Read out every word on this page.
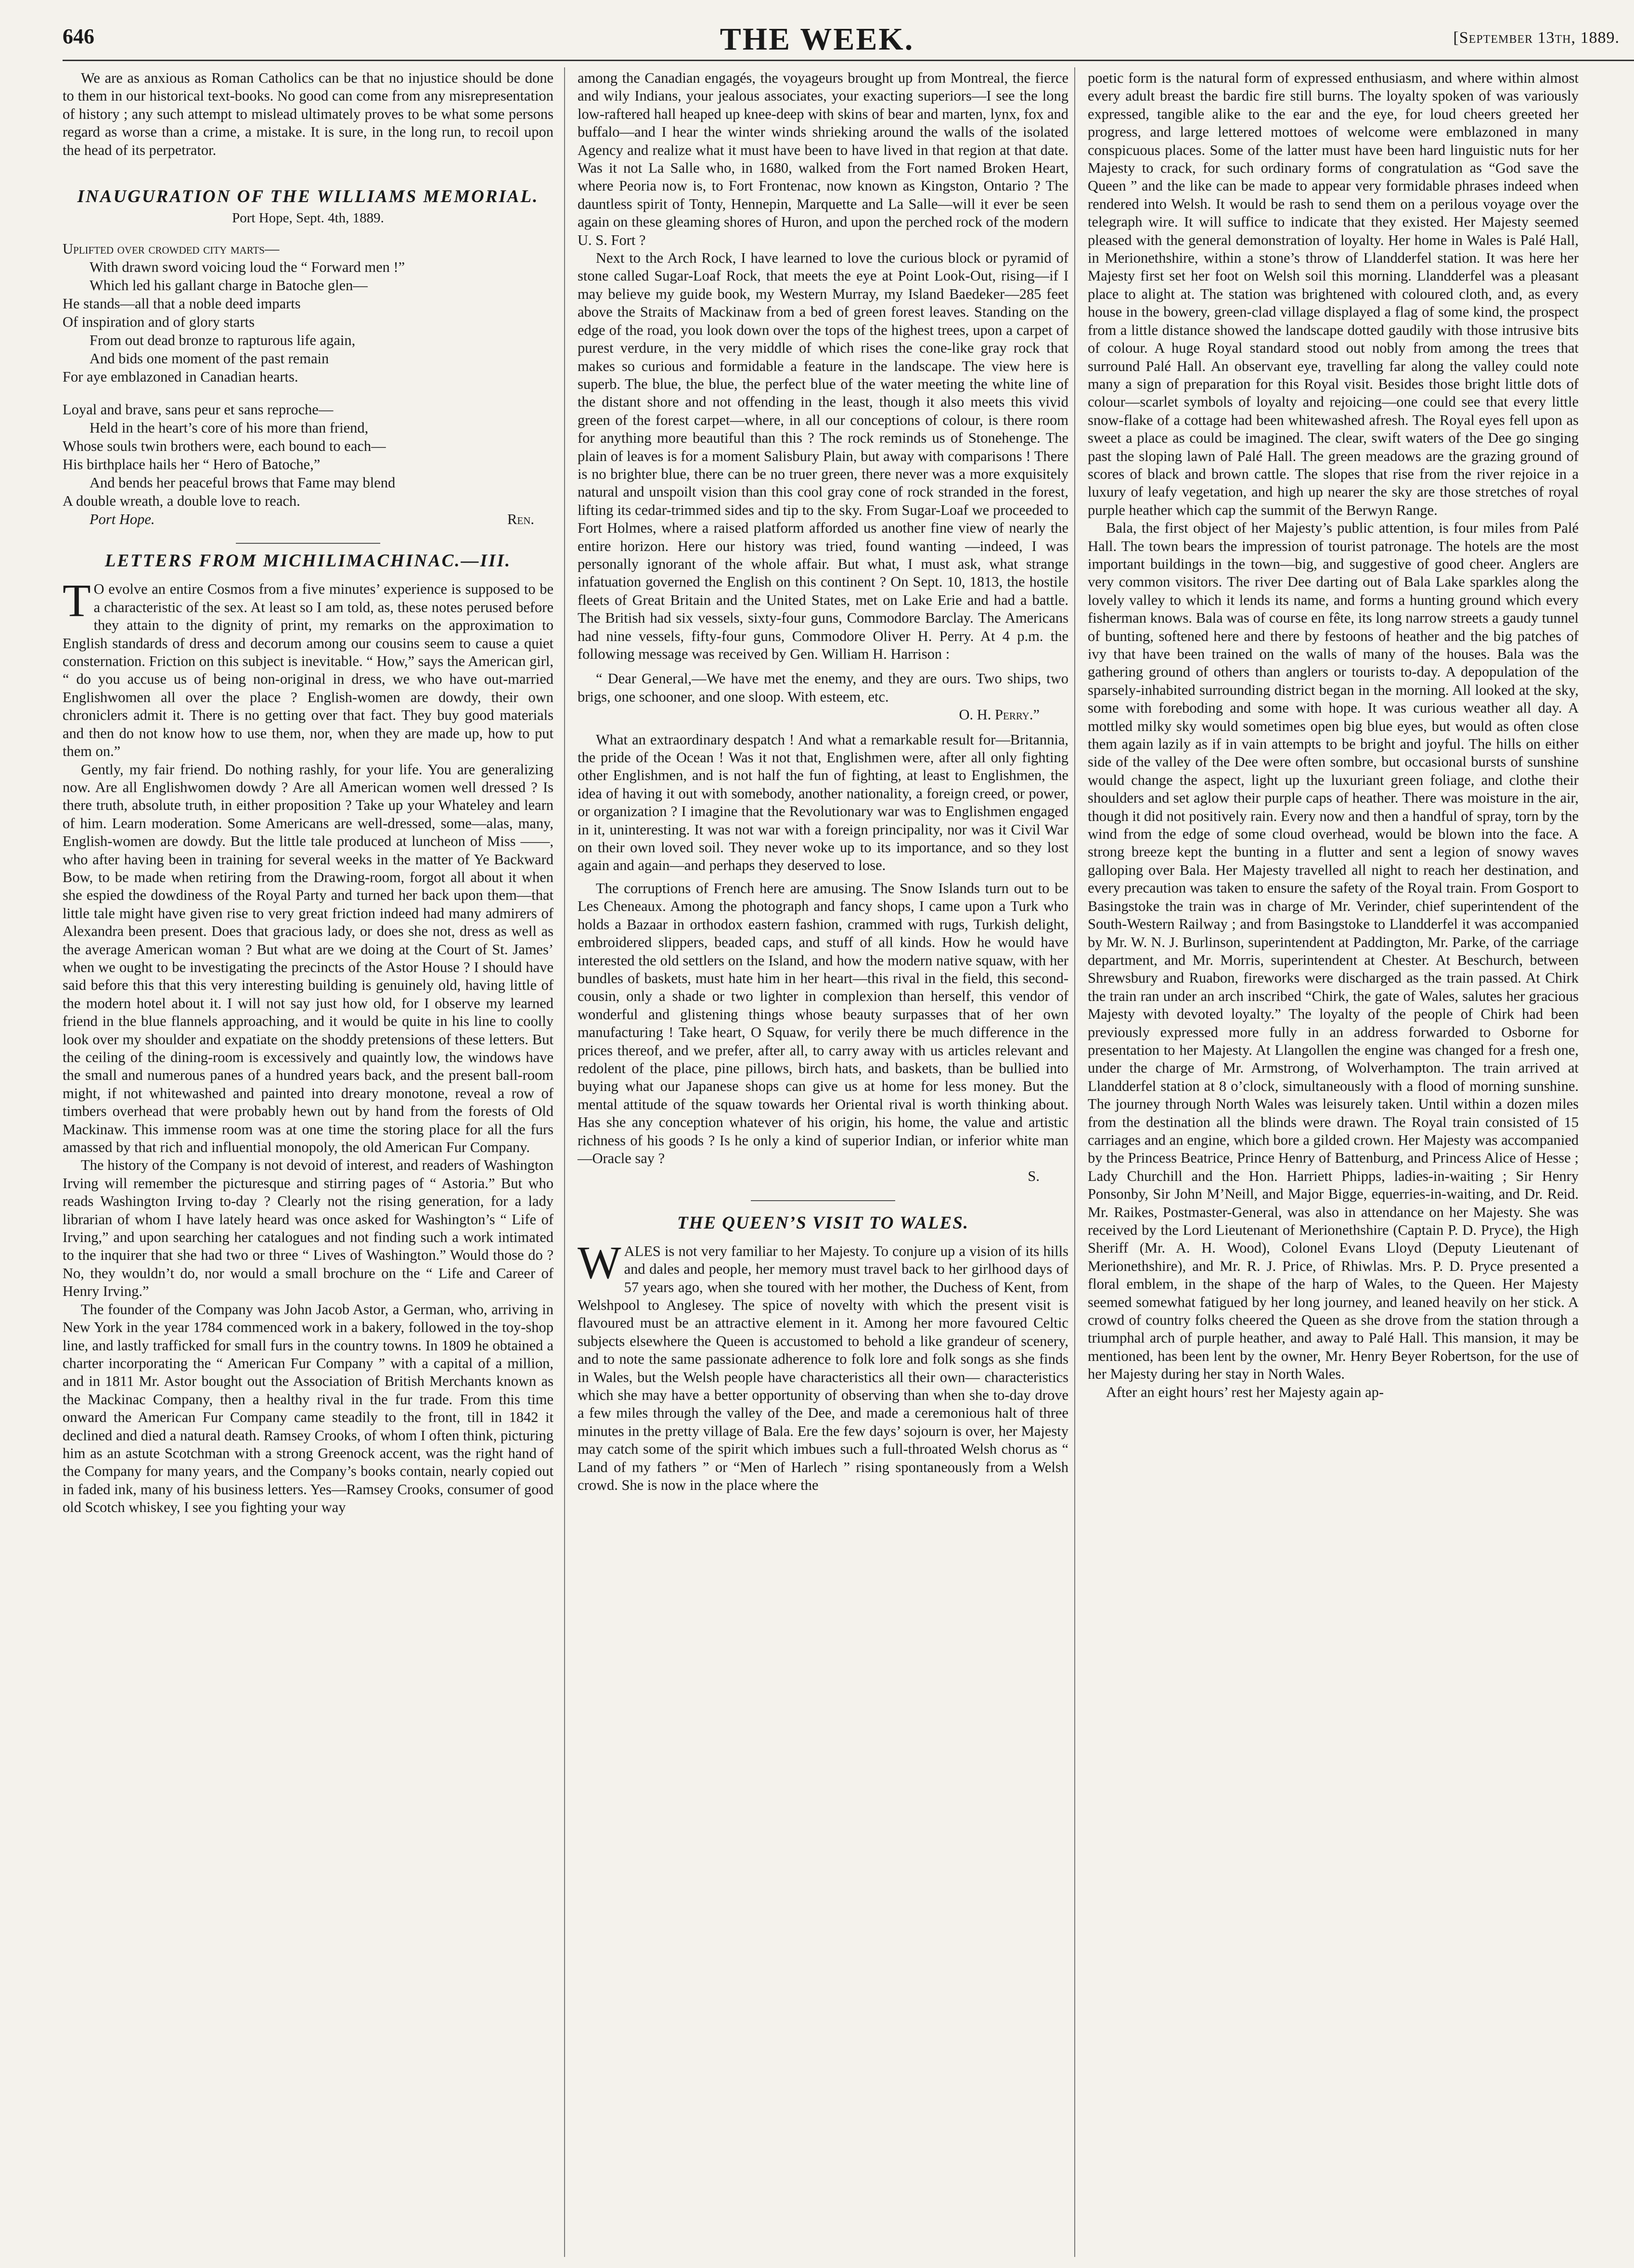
646	THE WEEK.	[September 13th, 1889.

We are as anxious as Roman Catholics can be that no injustice should be done to them in our historical text-books. No good can come from any misrepresentation of history ; any such attempt to mislead ultimately proves to be what some persons regard as worse than a crime, a mistake. It is sure, in the long run, to recoil upon the head of its perpetrator.

INAUGURATION OF THE WILLIAMS MEMORIAL.
Port Hope, Sept. 4th, 1889.
Uplifted over crowded city marts—
With drawn sword voicing loud the “ Forward men !”
Which led his gallant charge in Batoche glen—
He stands—all that a noble deed imparts
Of inspiration and of glory starts
From out dead bronze to rapturous life again,
And bids one moment of the past remain
For aye emblazoned in Canadian hearts.
Loyal and brave, sans peur et sans reproche—
Held in the heart’s core of his more than friend,
Whose souls twin brothers were, each bound to each—
His birthplace hails her “ Hero of Batoche,”
And bends her peaceful brows that Fame may blend
A double wreath, a double love to reach.
Port Hope.	Ren.
LETTERS FROM MICHILIMACHINAC.—III.

T O evolve an entire Cosmos from a five minutes’ experience is supposed to be a characteristic of the sex. At least so I am told, as, these notes perused before they attain to the dignity of print, my remarks on the approximation to English standards of dress and decorum among our cousins seem to cause a quiet consternation. Friction on this subject is inevitable. “ How,” says the American girl, “ do you accuse us of being non-original in dress, we who have out-married Englishwomen all over the place ? English-women are dowdy, their own chroniclers admit it. There is no getting over that fact. They buy good materials and then do not know how to use them, nor, when they are made up, how to put them on.”

Gently, my fair friend. Do nothing rashly, for your life. You are generalizing now. Are all Englishwomen dowdy ? Are all American women well dressed ? Is there truth, absolute truth, in either proposition ? Take up your Whateley and learn of him. Learn moderation. Some Americans are well-dressed, some—alas, many, English-women are dowdy. But the little tale produced at luncheon of Miss ——, who after having been in training for several weeks in the matter of Ye Backward Bow, to be made when retiring from the Drawing-room, forgot all about it when she espied the dowdiness of the Royal Party and turned her back upon them—that little tale might have given rise to very great friction indeed had many admirers of Alexandra been present. Does that gracious lady, or does she not, dress as well as the average American woman ? But what are we doing at the Court of St. James’ when we ought to be investigating the precincts of the Astor House ? I should have said before this that this very interesting building is genuinely old, having little of the modern hotel about it. I will not say just how old, for I observe my learned friend in the blue flannels approaching, and it would be quite in his line to coolly look over my shoulder and expatiate on the shoddy pretensions of these letters. But the ceiling of the dining-room is excessively and quaintly low, the windows have the small and numerous panes of a hundred years back, and the present ball-room might, if not whitewashed and painted into dreary monotone, reveal a row of timbers overhead that were probably hewn out by hand from the forests of Old Mackinaw. This immense room was at one time the storing place for all the furs amassed by that rich and influential monopoly, the old American Fur Company.

The history of the Company is not devoid of interest, and readers of Washington Irving will remember the picturesque and stirring pages of “ Astoria.” But who reads Washington Irving to-day ? Clearly not the rising generation, for a lady librarian of whom I have lately heard was once asked for Washington’s “ Life of Irving,” and upon searching her catalogues and not finding such a work intimated to the inquirer that she had two or three “ Lives of Washington.” Would those do ? No, they wouldn’t do, nor would a small brochure on the “ Life and Career of Henry Irving.”

The founder of the Company was John Jacob Astor, a German, who, arriving in New York in the year 1784 commenced work in a bakery, followed in the toy-shop line, and lastly trafficked for small furs in the country towns. In 1809 he obtained a charter incorporating the “ American Fur Company ” with a capital of a million, and in 1811 Mr. Astor bought out the Association of British Merchants known as the Mackinac Company, then a healthy rival in the fur trade. From this time onward the American Fur Company came steadily to the front, till in 1842 it declined and died a natural death. Ramsey Crooks, of whom I often think, picturing him as an astute Scotchman with a strong Greenock accent, was the right hand of the Company for many years, and the Company’s books contain, nearly copied out in faded ink, many of his business letters. Yes—Ramsey Crooks, consumer of good old Scotch whiskey, I see you fighting your way

among the Canadian engagés, the voyageurs brought up from Montreal, the fierce and wily Indians, your jealous associates, your exacting superiors—I see the long low-raftered hall heaped up knee-deep with skins of bear and marten, lynx, fox and buffalo—and I hear the winter winds shrieking around the walls of the isolated Agency and realize what it must have been to have lived in that region at that date. Was it not La Salle who, in 1680, walked from the Fort named Broken Heart, where Peoria now is, to Fort Frontenac, now known as Kingston, Ontario ? The dauntless spirit of Tonty, Hennepin, Marquette and La Salle—will it ever be seen again on these gleaming shores of Huron, and upon the perched rock of the modern U. S. Fort ?

Next to the Arch Rock, I have learned to love the curious block or pyramid of stone called Sugar-Loaf Rock, that meets the eye at Point Look-Out, rising—if I may believe my guide book, my Western Murray, my Island Baedeker—285 feet above the Straits of Mackinaw from a bed of green forest leaves. Standing on the edge of the road, you look down over the tops of the highest trees, upon a carpet of purest verdure, in the very middle of which rises the cone-like gray rock that makes so curious and formidable a feature in the landscape. The view here is superb. The blue, the blue, the perfect blue of the water meeting the white line of the distant shore and not offending in the least, though it also meets this vivid green of the forest carpet—where, in all our conceptions of colour, is there room for anything more beautiful than this ? The rock reminds us of Stonehenge. The plain of leaves is for a moment Salisbury Plain, but away with comparisons ! There is no brighter blue, there can be no truer green, there never was a more exquisitely natural and unspoilt vision than this cool gray cone of rock stranded in the forest, lifting its cedar-trimmed sides and tip to the sky. From Sugar-Loaf we proceeded to Fort Holmes, where a raised platform afforded us another fine view of nearly the entire horizon. Here our history was tried, found wanting —indeed, I was personally ignorant of the whole affair. But what, I must ask, what strange infatuation governed the English on this continent ? On Sept. 10, 1813, the hostile fleets of Great Britain and the United States, met on Lake Erie and had a battle. The British had six vessels, sixty-four guns, Commodore Barclay. The Americans had nine vessels, fifty-four guns, Commodore Oliver H. Perry. At 4 p.m. the following message was received by Gen. William H. Harrison :

“ Dear General,—We have met the enemy, and they are ours. Two ships, two brigs, one schooner, and one sloop. With esteem, etc.

O. H. Perry.”

What an extraordinary despatch ! And what a remarkable result for—Britannia, the pride of the Ocean ! Was it not that, Englishmen were, after all only fighting other Englishmen, and is not half the fun of fighting, at least to Englishmen, the idea of having it out with somebody, another nationality, a foreign creed, or power, or organization ? I imagine that the Revolutionary war was to Englishmen engaged in it, uninteresting. It was not war with a foreign principality, nor was it Civil War on their own loved soil. They never woke up to its importance, and so they lost again and again—and perhaps they deserved to lose.

The corruptions of French here are amusing. The Snow Islands turn out to be Les Cheneaux. Among the photograph and fancy shops, I came upon a Turk who holds a Bazaar in orthodox eastern fashion, crammed with rugs, Turkish delight, embroidered slippers, beaded caps, and stuff of all kinds. How he would have interested the old settlers on the Island, and how the modern native squaw, with her bundles of baskets, must hate him in her heart—this rival in the field, this second-cousin, only a shade or two lighter in complexion than herself, this vendor of wonderful and glistening things whose beauty surpasses that of her own manufacturing ! Take heart, O Squaw, for verily there be much difference in the prices thereof, and we prefer, after all, to carry away with us articles relevant and redolent of the place, pine pillows, birch hats, and baskets, than be bullied into buying what our Japanese shops can give us at home for less money. But the mental attitude of the squaw towards her Oriental rival is worth thinking about. Has she any conception whatever of his origin, his home, the value and artistic richness of his goods ? Is he only a kind of superior Indian, or inferior white man—Oracle say ?

S.
THE QUEEN’S VISIT TO WALES.

WALES is not very familiar to her Majesty. To conjure up a vision of its hills and dales and people, her memory must travel back to her girlhood days of 57 years ago, when she toured with her mother, the Duchess of Kent, from Welshpool to Anglesey. The spice of novelty with which the present visit is flavoured must be an attractive element in it. Among her more favoured Celtic subjects elsewhere the Queen is accustomed to behold a like grandeur of scenery, and to note the same passionate adherence to folk lore and folk songs as she finds in Wales, but the Welsh people have characteristics all their own— characteristics which she may have a better opportunity of observing than when she to-day drove a few miles through the valley of the Dee, and made a ceremonious halt of three minutes in the pretty village of Bala. Ere the few days’ sojourn is over, her Majesty may catch some of the spirit which imbues such a full-throated Welsh chorus as “ Land of my fathers ” or “Men of Harlech ” rising spontaneously from a Welsh crowd. She is now in the place where the

poetic form is the natural form of expressed enthusiasm, and where within almost every adult breast the bardic fire still burns. The loyalty spoken of was variously expressed, tangible alike to the ear and the eye, for loud cheers greeted her progress, and large lettered mottoes of welcome were emblazoned in many conspicuous places. Some of the latter must have been hard linguistic nuts for her Majesty to crack, for such ordinary forms of congratulation as “God save the Queen ” and the like can be made to appear very formidable phrases indeed when rendered into Welsh. It would be rash to send them on a perilous voyage over the telegraph wire. It will suffice to indicate that they existed. Her Majesty seemed pleased with the general demonstration of loyalty. Her home in Wales is Palé Hall, in Merionethshire, within a stone’s throw of Llandderfel station. It was here her Majesty first set her foot on Welsh soil this morning. Llandderfel was a pleasant place to alight at. The station was brightened with coloured cloth, and, as every house in the bowery, green-clad village displayed a flag of some kind, the prospect from a little distance showed the landscape dotted gaudily with those intrusive bits of colour. A huge Royal standard stood out nobly from among the trees that surround Palé Hall. An observant eye, travelling far along the valley could note many a sign of preparation for this Royal visit. Besides those bright little dots of colour—scarlet symbols of loyalty and rejoicing—one could see that every little snow-flake of a cottage had been whitewashed afresh. The Royal eyes fell upon as sweet a place as could be imagined. The clear, swift waters of the Dee go singing past the sloping lawn of Palé Hall. The green meadows are the grazing ground of scores of black and brown cattle. The slopes that rise from the river rejoice in a luxury of leafy vegetation, and high up nearer the sky are those stretches of royal purple heather which cap the summit of the Berwyn Range.

Bala, the first object of her Majesty’s public attention, is four miles from Palé Hall. The town bears the impression of tourist patronage. The hotels are the most important buildings in the town—big, and suggestive of good cheer. Anglers are very common visitors. The river Dee darting out of Bala Lake sparkles along the lovely valley to which it lends its name, and forms a hunting ground which every fisherman knows. Bala was of course en fête, its long narrow streets a gaudy tunnel of bunting, softened here and there by festoons of heather and the big patches of ivy that have been trained on the walls of many of the houses. Bala was the gathering ground of others than anglers or tourists to-day. A depopulation of the sparsely-inhabited surrounding district began in the morning. All looked at the sky, some with foreboding and some with hope. It was curious weather all day. A mottled milky sky would sometimes open big blue eyes, but would as often close them again lazily as if in vain attempts to be bright and joyful. The hills on either side of the valley of the Dee were often sombre, but occasional bursts of sunshine would change the aspect, light up the luxuriant green foliage, and clothe their shoulders and set aglow their purple caps of heather. There was moisture in the air, though it did not positively rain. Every now and then a handful of spray, torn by the wind from the edge of some cloud overhead, would be blown into the face. A strong breeze kept the bunting in a flutter and sent a legion of snowy waves galloping over Bala. Her Majesty travelled all night to reach her destination, and every precaution was taken to ensure the safety of the Royal train. From Gosport to Basingstoke the train was in charge of Mr. Verinder, chief superintendent of the South-Western Railway ; and from Basingstoke to Llandderfel it was accompanied by Mr. W. N. J. Burlinson, superintendent at Paddington, Mr. Parke, of the carriage department, and Mr. Morris, superintendent at Chester. At Beschurch, between Shrewsbury and Ruabon, fireworks were discharged as the train passed. At Chirk the train ran under an arch inscribed “Chirk, the gate of Wales, salutes her gracious Majesty with devoted loyalty.” The loyalty of the people of Chirk had been previously expressed more fully in an address forwarded to Osborne for presentation to her Majesty. At Llangollen the engine was changed for a fresh one, under the charge of Mr. Armstrong, of Wolverhampton. The train arrived at Llandderfel station at 8 o’clock, simultaneously with a flood of morning sunshine. The journey through North Wales was leisurely taken. Until within a dozen miles from the destination all the blinds were drawn. The Royal train consisted of 15 carriages and an engine, which bore a gilded crown. Her Majesty was accompanied by the Princess Beatrice, Prince Henry of Battenburg, and Princess Alice of Hesse ; Lady Churchill and the Hon. Harriett Phipps, ladies-in-waiting ; Sir Henry Ponsonby, Sir John M’Neill, and Major Bigge, equerries-in-waiting, and Dr. Reid. Mr. Raikes, Postmaster-General, was also in attendance on her Majesty. She was received by the Lord Lieutenant of Merionethshire (Captain P. D. Pryce), the High Sheriff (Mr. A. H. Wood), Colonel Evans Lloyd (Deputy Lieutenant of Merionethshire), and Mr. R. J. Price, of Rhiwlas. Mrs. P. D. Pryce presented a floral emblem, in the shape of the harp of Wales, to the Queen. Her Majesty seemed somewhat fatigued by her long journey, and leaned heavily on her stick. A crowd of country folks cheered the Queen as she drove from the station through a triumphal arch of purple heather, and away to Palé Hall. This mansion, it may be mentioned, has been lent by the owner, Mr. Henry Beyer Robertson, for the use of her Majesty during her stay in North Wales.

After an eight hours’ rest her Majesty again ap-
